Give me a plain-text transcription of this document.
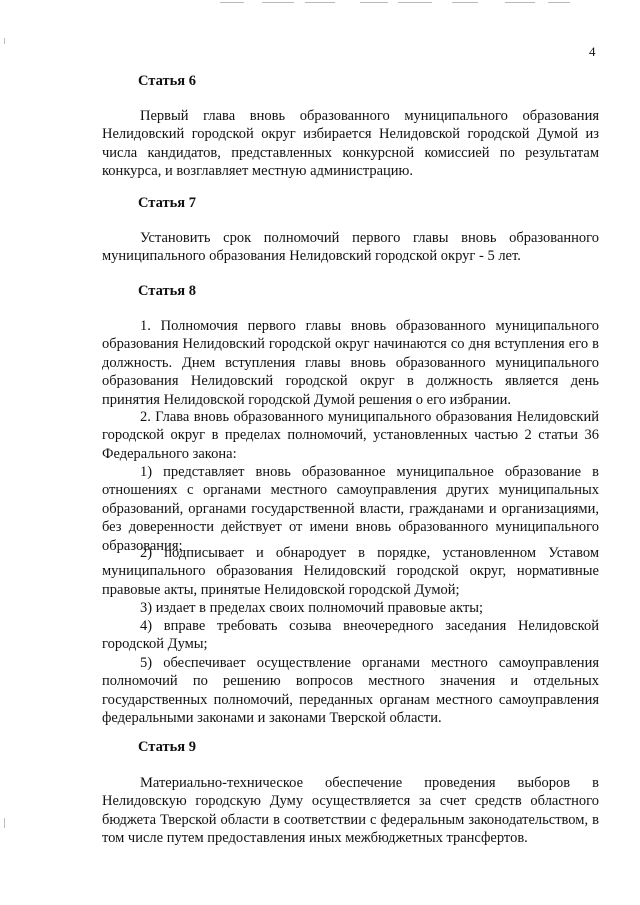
4
Статья 6
Первый глава вновь образованного муниципального образования Нелидовский городской округ избирается Нелидовской городской Думой из числа кандидатов, представленных конкурсной комиссией по результатам конкурса, и возглавляет местную администрацию.
Статья 7
Установить срок полномочий первого главы вновь образованного муниципального образования Нелидовский городской округ - 5 лет.
Статья 8
1. Полномочия первого главы вновь образованного муниципального образования Нелидовский городской округ начинаются со дня вступления его в должность. Днем вступления главы вновь образованного муниципального образования Нелидовский городской округ в должность является день принятия Нелидовской городской Думой решения о его избрании.
2. Глава вновь образованного муниципального образования Нелидовский городской округ в пределах полномочий, установленных частью 2 статьи 36 Федерального закона:
1) представляет вновь образованное муниципальное образование в отношениях с органами местного самоуправления других муниципальных образований, органами государственной власти, гражданами и организациями, без доверенности действует от имени вновь образованного муниципального образования;
2) подписывает и обнародует в порядке, установленном Уставом муниципального образования Нелидовский городской округ, нормативные правовые акты, принятые Нелидовской городской Думой;
3) издает в пределах своих полномочий правовые акты;
4) вправе требовать созыва внеочередного заседания Нелидовской городской Думы;
5) обеспечивает осуществление органами местного самоуправления полномочий по решению вопросов местного значения и отдельных государственных полномочий, переданных органам местного самоуправления федеральными законами и законами Тверской области.
Статья 9
Материально-техническое обеспечение проведения выборов в Нелидовскую городскую Думу осуществляется за счет средств областного бюджета Тверской области в соответствии с федеральным законодательством, в том числе путем предоставления иных межбюджетных трансфертов.
